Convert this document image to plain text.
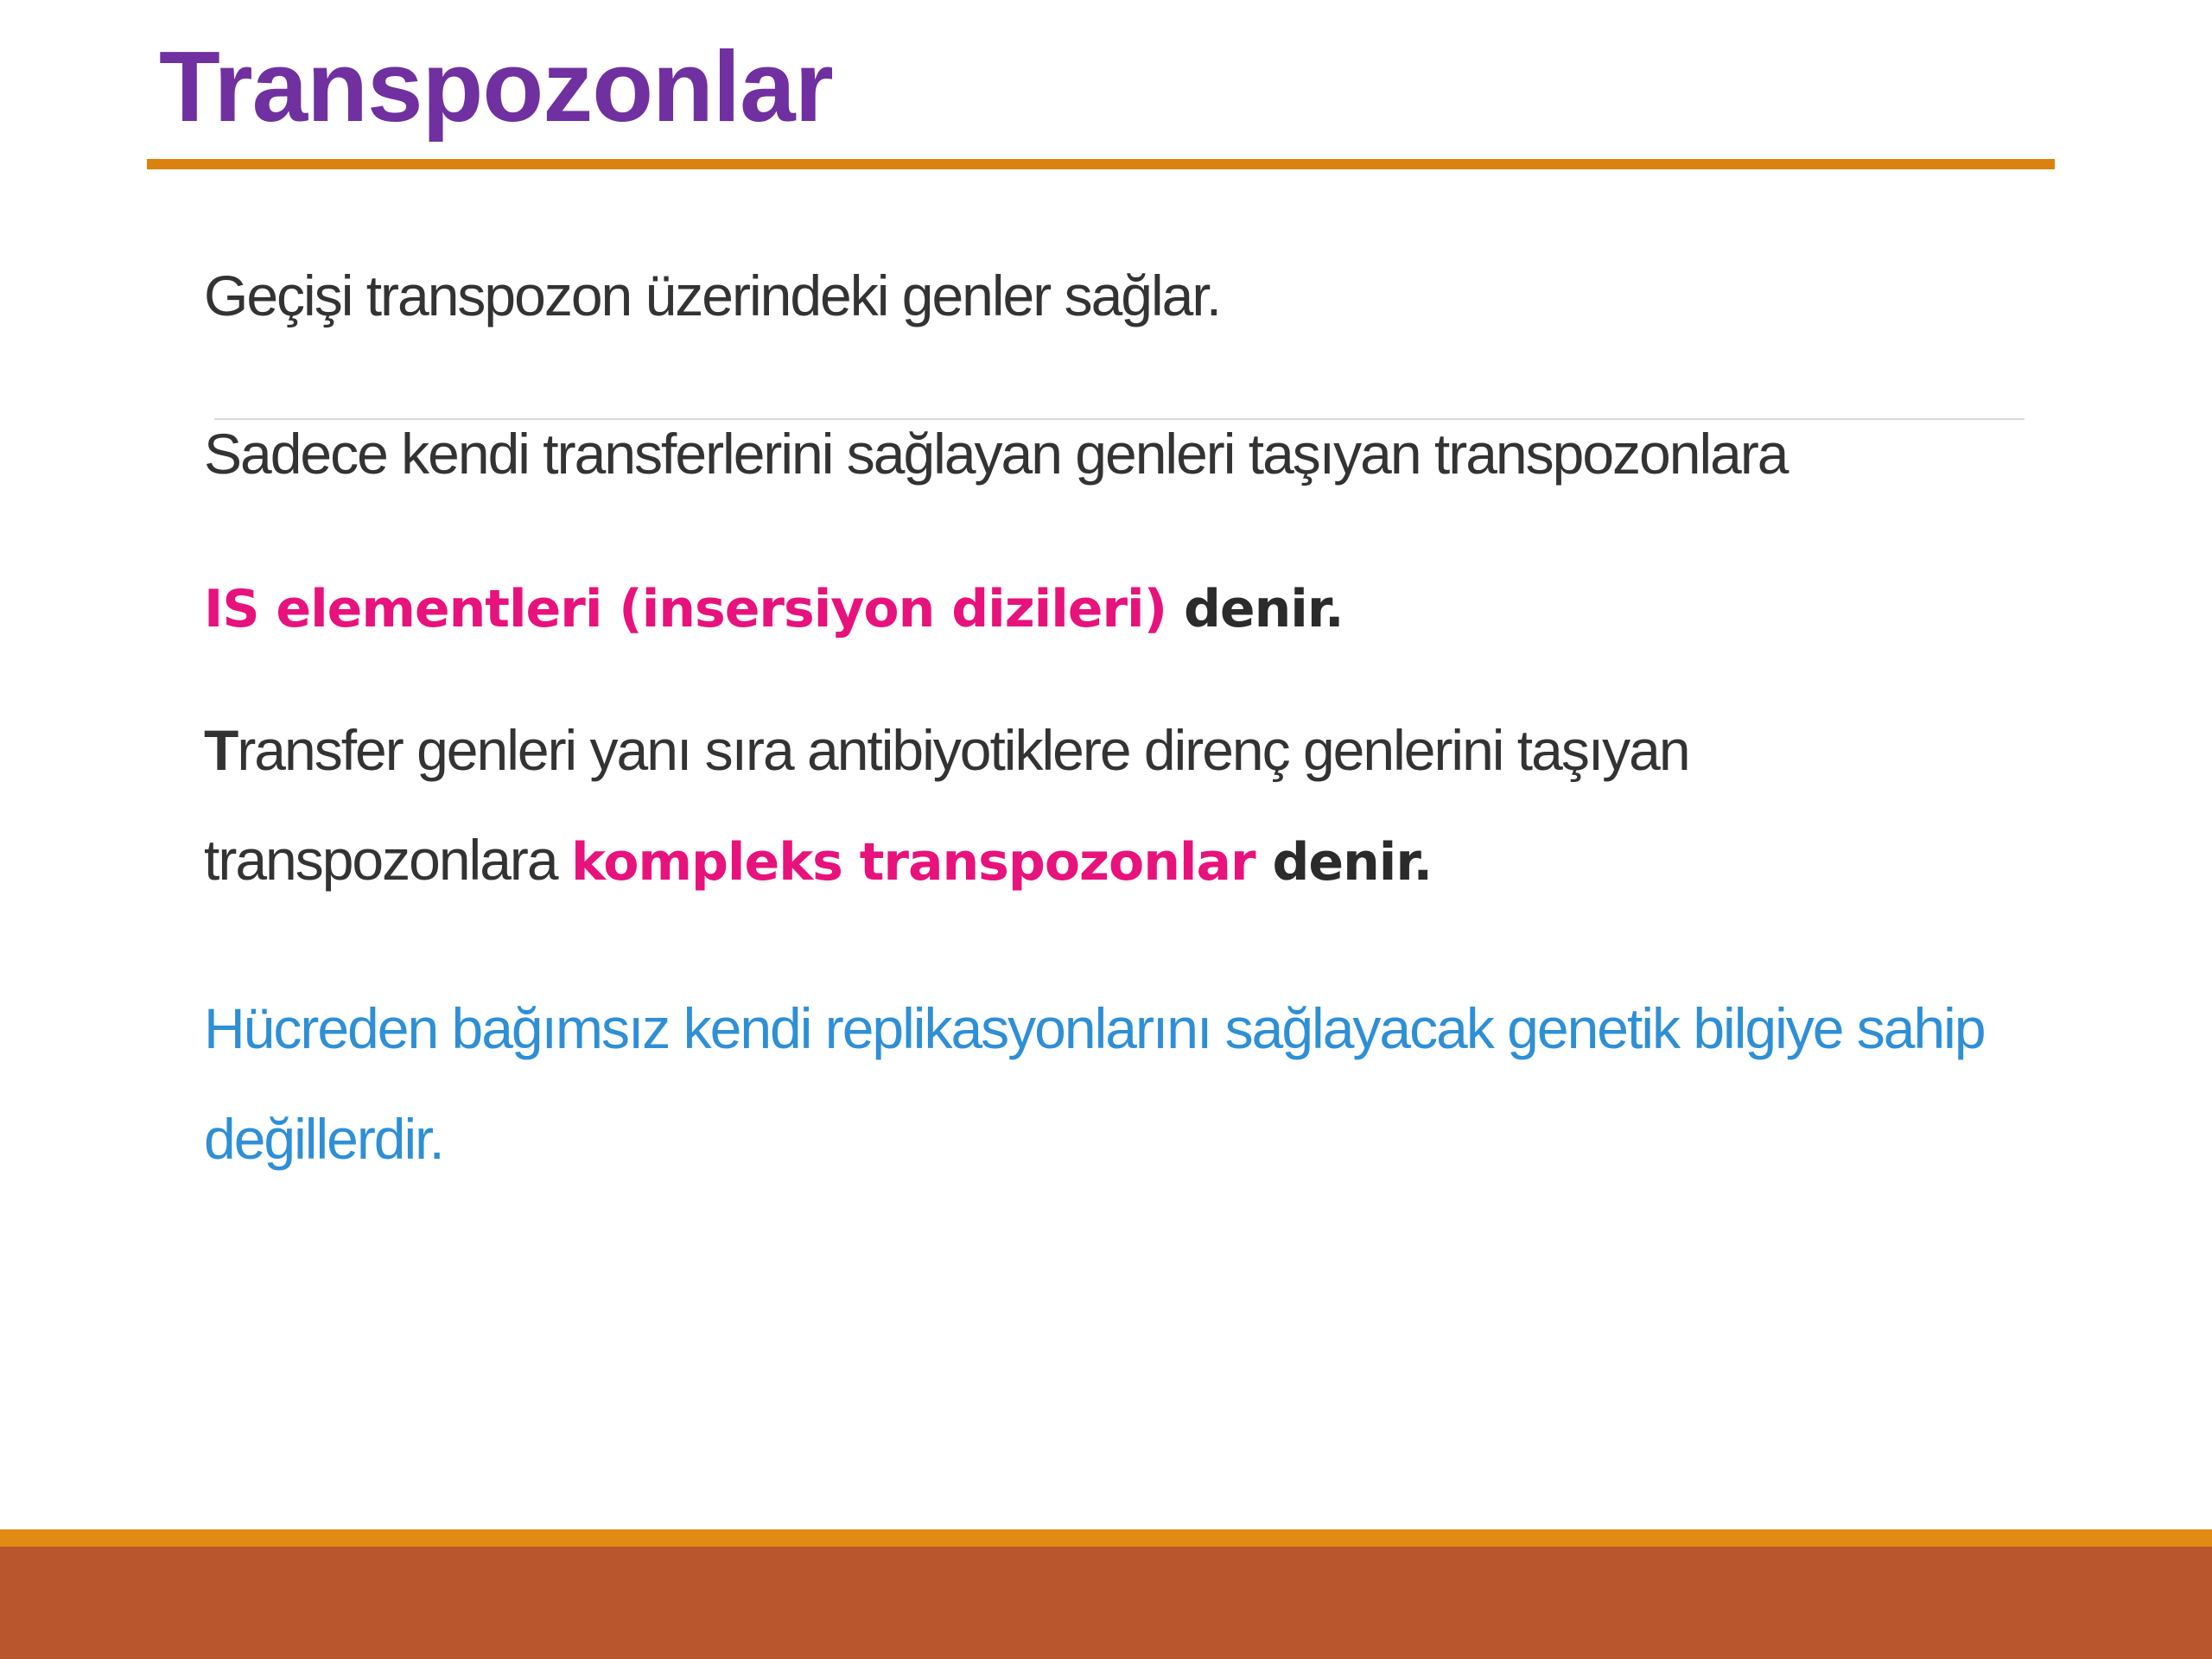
Transpozonlar

Geçişi transpozon üzerindeki genler sağlar.

Sadece kendi transferlerini sağlayan genleri taşıyan transpozonlara

IS elementleri (insersiyon dizileri) denir.

Transfer genleri yanı sıra antibiyotiklere direnç genlerini taşıyan

transpozonlara kompleks transpozonlar denir.

Hücreden bağımsız kendi replikasyonlarını sağlayacak genetik bilgiye sahip

değillerdir.
